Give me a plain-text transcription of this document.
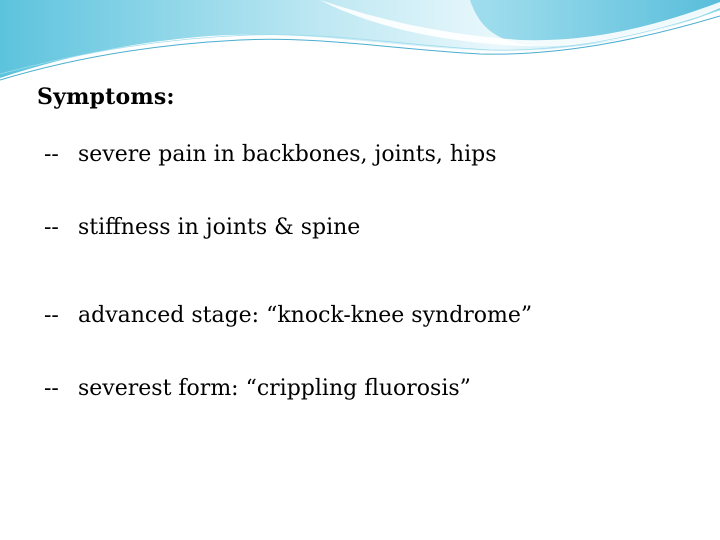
Symptoms:
-- severe pain in backbones, joints, hips
-- stiffness in joints & spine
-- advanced stage: “knock-knee syndrome”
-- severest form: “crippling fluorosis”
